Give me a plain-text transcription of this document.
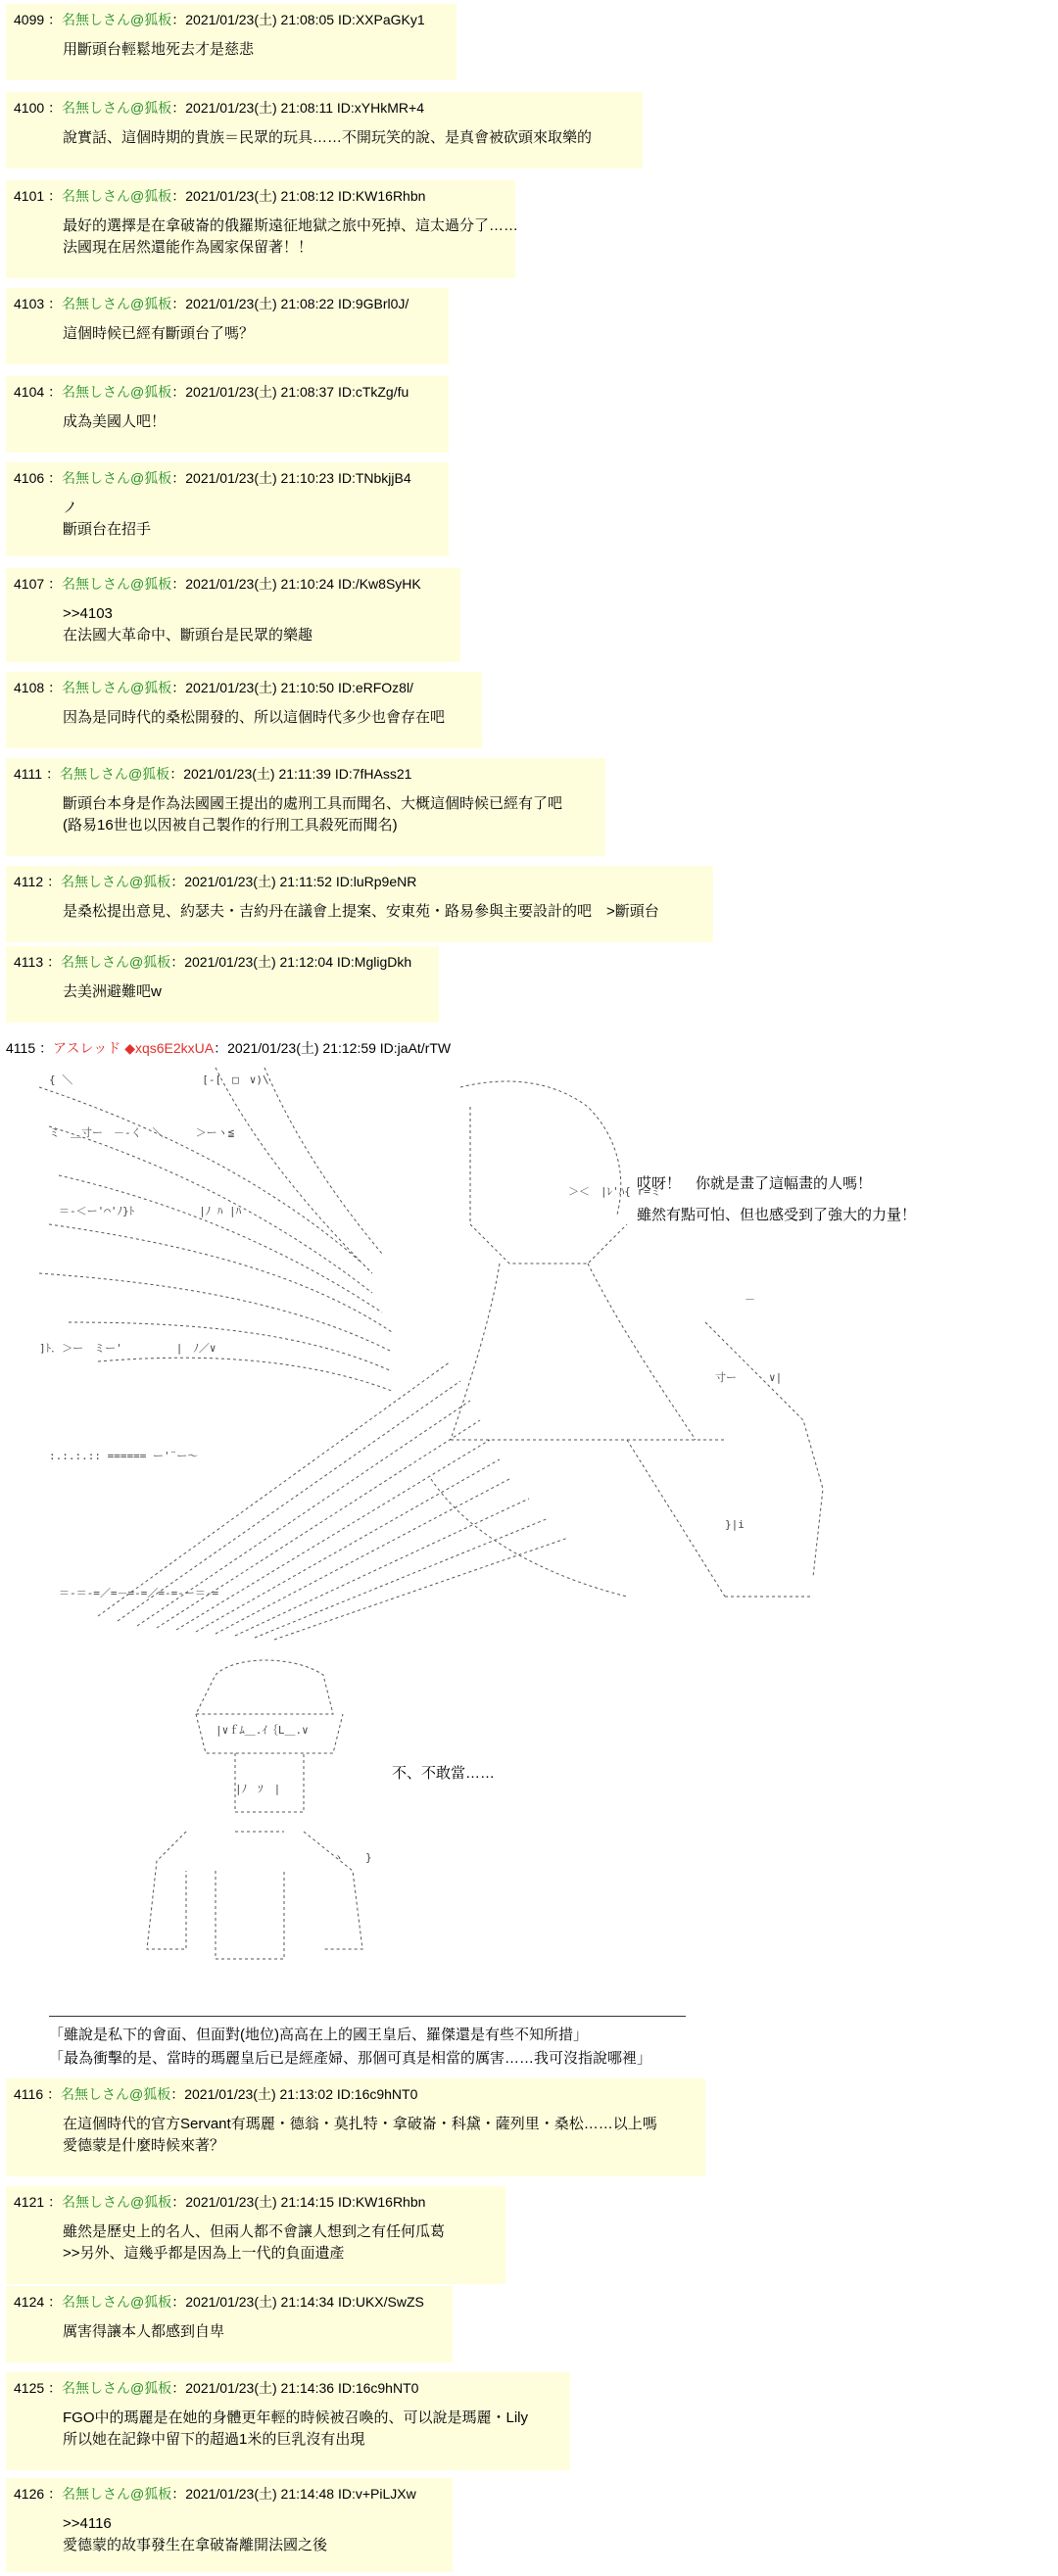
4099 ：名無しさん@狐板：2021/01/23(土) 21:08:05 ID:XXPaGKy1
用斷頭台輕鬆地死去才是慈悲
4100 ：名無しさん@狐板：2021/01/23(土) 21:08:11 ID:xYHkMR+4
說實話、這個時期的貴族＝民眾的玩具……不開玩笑的說、是真會被砍頭來取樂的
4101 ：名無しさん@狐板：2021/01/23(土) 21:08:12 ID:KW16Rhbn
最好的選擇是在拿破崙的俄羅斯遠征地獄之旅中死掉、這太過分了……
法國現在居然還能作為國家保留著！！
4103 ：名無しさん@狐板：2021/01/23(土) 21:08:22 ID:9GBrl0J/
這個時候已經有斷頭台了嗎？
4104 ：名無しさん@狐板：2021/01/23(土) 21:08:37 ID:cTkZg/fu
成為美國人吧！
4106 ：名無しさん@狐板：2021/01/23(土) 21:10:23 ID:TNbkjjB4
ノ
斷頭台在招手
4107 ：名無しさん@狐板：2021/01/23(土) 21:10:24 ID:/Kw8SyHK
>>4103
在法國大革命中、斷頭台是民眾的樂趣
4108 ：名無しさん@狐板：2021/01/23(土) 21:10:50 ID:eRFOz8l/
因為是同時代的桑松開發的、所以這個時代多少也會存在吧
4111 ：名無しさん@狐板：2021/01/23(土) 21:11:39 ID:7fHAss21
斷頭台本身是作為法國國王提出的處刑工具而聞名、大概這個時候已經有了吧
(路易16世也以因被自己製作的行刑工具殺死而聞名)
4112 ：名無しさん@狐板：2021/01/23(土) 21:11:52 ID:luRp9eNR
是桑松提出意見、約瑟夫・吉約丹在議會上提案、安東苑・路易參與主要設計的吧　>斷頭台
4113 ：名無しさん@狐板：2021/01/23(土) 21:12:04 ID:MgligDkh
去美洲避難吧w
4115 ：アスレッド ◆xqs6E2kxUA：2021/01/23(土) 21:12:59 ID:jaAt/rTW
{ ＼　　　　　　　　　　　　[-[　□　∨)\
ミ　＿寸ー　－-く　＼　　　＞ーヽ≦
＝-＜ー'⌒'ﾉ}ﾄ　　　　　　|ﾉ ﾊ |ﾊ
]ﾄ．＞ー　ミー'　　　　　|　ﾉ／∨
:.:.:.:: ====== ー'¨ー～
＝-＝-=／=－=-=／=-=-ー＝-=
＞＜　|ﾚ'ﾊ{ r=ミ
－
寸ー　　　∨|
}|i
|∨ｆﾑ＿.ｲ｛L＿.∨
|ﾉ　ｿ　|
ヽ　　}
哎呀！　你就是畫了這幅畫的人嗎！
雖然有點可怕、但也感受到了強大的力量！
不、不敢當……
「雖說是私下的會面、但面對(地位)高高在上的國王皇后、羅傑還是有些不知所措」
「最為衝擊的是、當時的瑪麗皇后已是經產婦、那個可真是相當的厲害……我可沒指說哪裡」
4116 ：名無しさん@狐板：2021/01/23(土) 21:13:02 ID:16c9hNT0
在這個時代的官方Servant有瑪麗・德翁・莫扎特・拿破崙・科黛・薩列里・桑松……以上嗎
愛德蒙是什麼時候來著？
4121 ：名無しさん@狐板：2021/01/23(土) 21:14:15 ID:KW16Rhbn
雖然是歷史上的名人、但兩人都不會讓人想到之有任何瓜葛
>>另外、這幾乎都是因為上一代的負面遺產
4124 ：名無しさん@狐板：2021/01/23(土) 21:14:34 ID:UKX/SwZS
厲害得讓本人都感到自卑
4125 ：名無しさん@狐板：2021/01/23(土) 21:14:36 ID:16c9hNT0
FGO中的瑪麗是在她的身體更年輕的時候被召喚的、可以說是瑪麗・Lily
所以她在記錄中留下的超過1米的巨乳沒有出現
4126 ：名無しさん@狐板：2021/01/23(土) 21:14:48 ID:v+PiLJXw
>>4116
愛德蒙的故事發生在拿破崙離開法國之後
